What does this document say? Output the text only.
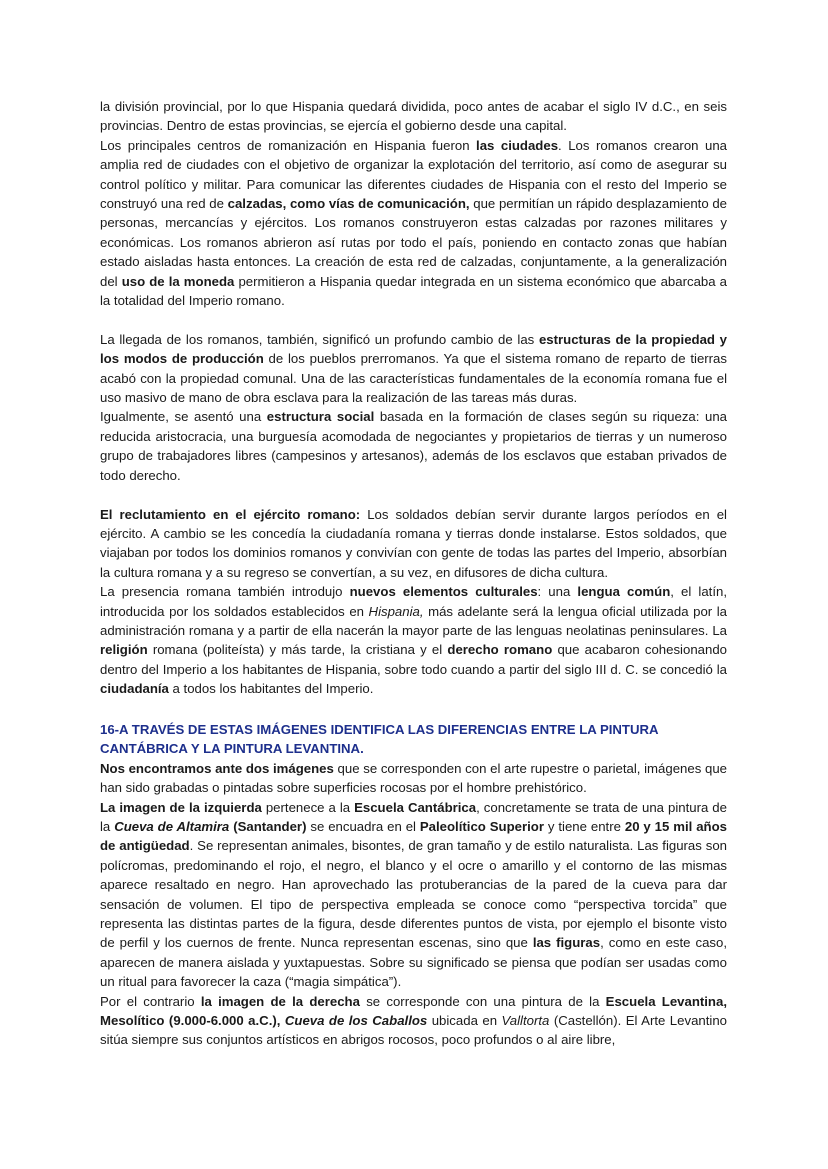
la división provincial, por lo que Hispania quedará dividida, poco antes de acabar el siglo IV d.C., en seis provincias. Dentro de estas provincias, se ejercía el gobierno desde una capital.

Los principales centros de romanización en Hispania fueron las ciudades. Los romanos crearon una amplia red de ciudades con el objetivo de organizar la explotación del territorio, así como de asegurar su control político y militar. Para comunicar las diferentes ciudades de Hispania con el resto del Imperio se construyó una red de calzadas, como vías de comunicación, que permitían un rápido desplazamiento de personas, mercancías y ejércitos. Los romanos construyeron estas calzadas por razones militares y económicas. Los romanos abrieron así rutas por todo el país, poniendo en contacto zonas que habían estado aisladas hasta entonces. La creación de esta red de calzadas, conjuntamente, a la generalización del uso de la moneda permitieron a Hispania quedar integrada en un sistema económico que abarcaba a la totalidad del Imperio romano.

La llegada de los romanos, también, significó un profundo cambio de las estructuras de la propiedad y los modos de producción de los pueblos prerromanos. Ya que el sistema romano de reparto de tierras acabó con la propiedad comunal. Una de las características fundamentales de la economía romana fue el uso masivo de mano de obra esclava para la realización de las tareas más duras.

Igualmente, se asentó una estructura social basada en la formación de clases según su riqueza: una reducida aristocracia, una burguesía acomodada de negociantes y propietarios de tierras y un numeroso grupo de trabajadores libres (campesinos y artesanos), además de los esclavos que estaban privados de todo derecho.

El reclutamiento en el ejército romano: Los soldados debían servir durante largos períodos en el ejército. A cambio se les concedía la ciudadanía romana y tierras donde instalarse. Estos soldados, que viajaban por todos los dominios romanos y convivían con gente de todas las partes del Imperio, absorbían la cultura romana y a su regreso se convertían, a su vez, en difusores de dicha cultura.

La presencia romana también introdujo nuevos elementos culturales: una lengua común, el latín, introducida por los soldados establecidos en Hispania, más adelante será la lengua oficial utilizada por la administración romana y a partir de ella nacerán la mayor parte de las lenguas neolatinas peninsulares. La religión romana (politeísta) y más tarde, la cristiana y el derecho romano que acabaron cohesionando dentro del Imperio a los habitantes de Hispania, sobre todo cuando a partir del siglo III d. C. se concedió la ciudadanía a todos los habitantes del Imperio.

16-A TRAVÉS DE ESTAS IMÁGENES IDENTIFICA LAS DIFERENCIAS ENTRE LA PINTURA CANTÁBRICA Y LA PINTURA LEVANTINA.

Nos encontramos ante dos imágenes que se corresponden con el arte rupestre o parietal, imágenes que han sido grabadas o pintadas sobre superficies rocosas por el hombre prehistórico.

La imagen de la izquierda pertenece a la Escuela Cantábrica, concretamente se trata de una pintura de la Cueva de Altamira (Santander) se encuadra en el Paleolítico Superior y tiene entre 20 y 15 mil años de antigüedad. Se representan animales, bisontes, de gran tamaño y de estilo naturalista. Las figuras son polícromas, predominando el rojo, el negro, el blanco y el ocre o amarillo y el contorno de las mismas aparece resaltado en negro. Han aprovechado las protuberancias de la pared de la cueva para dar sensación de volumen. El tipo de perspectiva empleada se conoce como “perspectiva torcida” que representa las distintas partes de la figura, desde diferentes puntos de vista, por ejemplo el bisonte visto de perfil y los cuernos de frente. Nunca representan escenas, sino que las figuras, como en este caso, aparecen de manera aislada y yuxtapuestas. Sobre su significado se piensa que podían ser usadas como un ritual para favorecer la caza (“magia simpática”).

Por el contrario la imagen de la derecha se corresponde con una pintura de la Escuela Levantina, Mesolítico (9.000-6.000 a.C.), Cueva de los Caballos ubicada en Valltorta (Castellón). El Arte Levantino sitúa siempre sus conjuntos artísticos en abrigos rocosos, poco profundos o al aire libre,
